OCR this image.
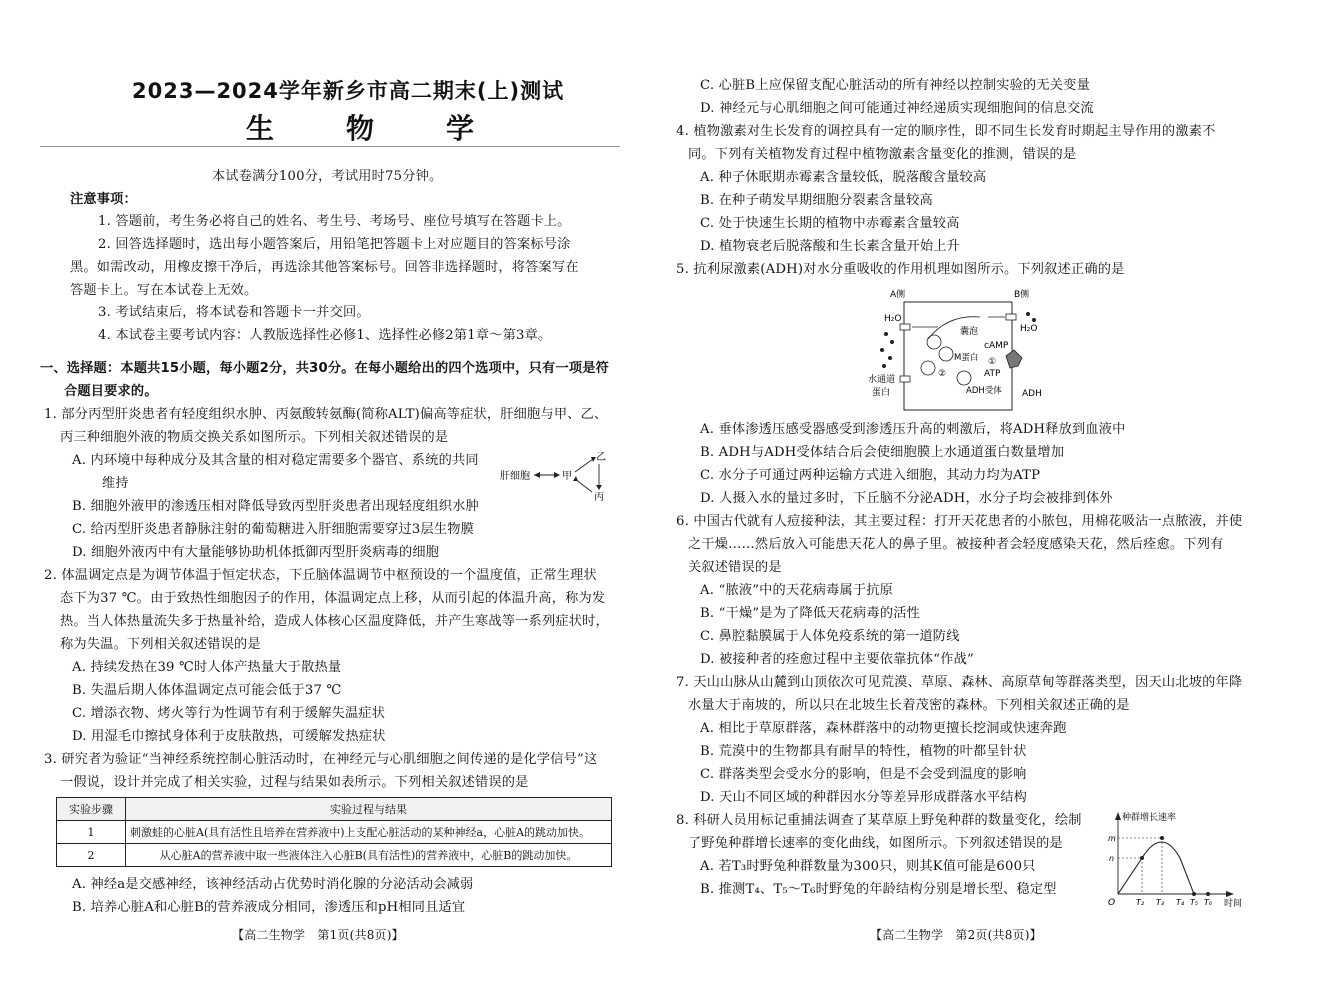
2023—2024学年新乡市高二期末(上)测试
生　物　学
本试卷满分100分，考试用时75分钟。
注意事项：
1. 答题前，考生务必将自己的姓名、考生号、考场号、座位号填写在答题卡上。
2. 回答选择题时，选出每小题答案后，用铅笔把答题卡上对应题目的答案标号涂
黑。如需改动，用橡皮擦干净后，再选涂其他答案标号。回答非选择题时，将答案写在
答题卡上。写在本试卷上无效。
3. 考试结束后，将本试卷和答题卡一并交回。
4. 本试卷主要考试内容：人教版选择性必修1、选择性必修2第1章～第3章。
一、选择题：本题共15小题，每小题2分，共30分。在每小题给出的四个选项中，只有一项是符
合题目要求的。
1. 部分丙型肝炎患者有轻度组织水肿、丙氨酸转氨酶(简称ALT)偏高等症状，肝细胞与甲、乙、
丙三种细胞外液的物质交换关系如图所示。下列相关叙述错误的是
A. 内环境中每种成分及其含量的相对稳定需要多个器官、系统的共同
维持
B. 细胞外液甲的渗透压相对降低导致丙型肝炎患者出现轻度组织水肿
C. 给丙型肝炎患者静脉注射的葡萄糖进入肝细胞需要穿过3层生物膜
D. 细胞外液丙中有大量能够协助机体抵御丙型肝炎病毒的细胞
肝细胞	甲
乙
丙
2. 体温调定点是为调节体温于恒定状态，下丘脑体温调节中枢预设的一个温度值，正常生理状
态下为37 ℃。由于致热性细胞因子的作用，体温调定点上移，从而引起的体温升高，称为发
热。当人体热量流失多于热量补给，造成人体核心区温度降低，并产生寒战等一系列症状时，
称为失温。下列相关叙述错误的是
A. 持续发热在39 ℃时人体产热量大于散热量
B. 失温后期人体体温调定点可能会低于37 ℃
C. 增添衣物、烤火等行为性调节有利于缓解失温症状
D. 用湿毛巾擦拭身体利于皮肤散热，可缓解发热症状
3. 研究者为验证“当神经系统控制心脏活动时，在神经元与心肌细胞之间传递的是化学信号”这
一假说，设计并完成了相关实验，过程与结果如表所示。下列相关叙述错误的是
实验步骤	实验过程与结果
1	刺激蛙的心脏A(具有活性且培养在营养液中)上支配心脏活动的某种神经a，心脏A的跳动加快。
2	从心脏A的营养液中取一些液体注入心脏B(具有活性)的营养液中，心脏B的跳动加快。
A. 神经a是交感神经，该神经活动占优势时消化腺的分泌活动会减弱
B. 培养心脏A和心脏B的营养液成分相同，渗透压和pH相同且适宜
【高二生物学　第1页(共8页)】
C. 心脏B上应保留支配心脏活动的所有神经以控制实验的无关变量
D. 神经元与心肌细胞之间可能通过神经递质实现细胞间的信息交流
4. 植物激素对生长发育的调控具有一定的顺序性，即不同生长发育时期起主导作用的激素不
同。下列有关植物发育过程中植物激素含量变化的推测，错误的是
A. 种子休眠期赤霉素含量较低，脱落酸含量较高
B. 在种子萌发早期细胞分裂素含量较高
C. 处于快速生长期的植物中赤霉素含量较高
D. 植物衰老后脱落酸和生长素含量开始上升
5. 抗利尿激素(ADH)对水分重吸收的作用机理如图所示。下列叙述正确的是
A侧	B侧
H₂O
H₂O
囊泡
cAMP
M蛋白 ①
②	ATP
ADH受体 ADH
水通道
蛋白
A. 垂体渗透压感受器感受到渗透压升高的刺激后，将ADH释放到血液中
B. ADH与ADH受体结合后会使细胞膜上水通道蛋白数量增加
C. 水分子可通过两种运输方式进入细胞，其动力均为ATP
D. 人摄入水的量过多时，下丘脑不分泌ADH，水分子均会被排到体外
6. 中国古代就有人痘接种法，其主要过程：打开天花患者的小脓包，用棉花吸沾一点脓液，并使
之干燥……然后放入可能患天花人的鼻子里。被接种者会轻度感染天花，然后痊愈。下列有
关叙述错误的是
A. “脓液”中的天花病毒属于抗原
B. “干燥”是为了降低天花病毒的活性
C. 鼻腔黏膜属于人体免疫系统的第一道防线
D. 被接种者的痊愈过程中主要依靠抗体“作战”
7. 天山山脉从山麓到山顶依次可见荒漠、草原、森林、高原草甸等群落类型，因天山北坡的年降
水量大于南坡的，所以只在北坡生长着茂密的森林。下列相关叙述正确的是
A. 相比于草原群落，森林群落中的动物更擅长挖洞或快速奔跑
B. 荒漠中的生物都具有耐旱的特性，植物的叶都呈针状
C. 群落类型会受水分的影响，但是不会受到温度的影响
D. 天山不同区域的种群因水分等差异形成群落水平结构
8. 科研人员用标记重捕法调查了某草原上野兔种群的数量变化，绘制
了野兔种群增长速率的变化曲线，如图所示。下列叙述错误的是
A. 若T₃时野兔种群数量为300只，则其K值可能是600只
B. 推测T₄、T₅～T₆时野兔的年龄结构分别是增长型、稳定型
种群增长速率
时间
O
m
n
T₂ T₃ T₄ T₅ T₆
【高二生物学　第2页(共8页)】
